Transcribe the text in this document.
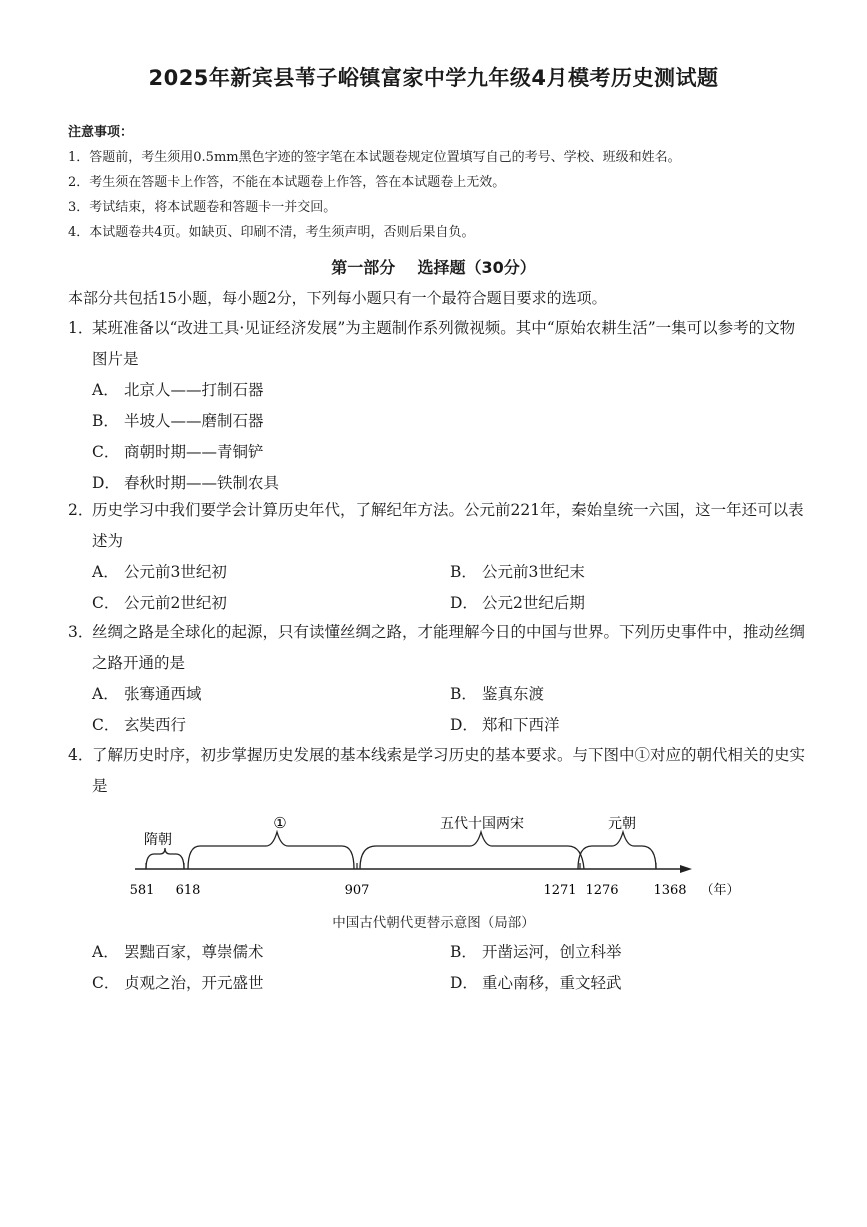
2025年新宾县苇子峪镇富家中学九年级4月模考历史测试题
注意事项：
1．答题前，考生须用0.5mm黑色字迹的签字笔在本试题卷规定位置填写自己的考号、学校、班级和姓名。
2．考生须在答题卡上作答，不能在本试题卷上作答，答在本试题卷上无效。
3．考试结束，将本试题卷和答题卡一并交回。
4．本试题卷共4页。如缺页、印刷不清，考生须声明，否则后果自负。
第一部分    选择题（30分）
本部分共包括15小题，每小题2分，下列每小题只有一个最符合题目要求的选项。
1．
某班准备以“改进工具·见证经济发展”为主题制作系列微视频。其中“原始农耕生活”一集可以参考的文物图片是
A． 北京人——打制石器
B． 半坡人——磨制石器
C． 商朝时期——青铜铲
D． 春秋时期——铁制农具
2．
历史学习中我们要学会计算历史年代，了解纪年方法。公元前221年，秦始皇统一六国，这一年还可以表述为
A． 公元前3世纪初	B． 公元前3世纪末
C． 公元前2世纪初	D． 公元2世纪后期
3．
丝绸之路是全球化的起源，只有读懂丝绸之路，才能理解今日的中国与世界。下列历史事件中，推动丝绸之路开通的是
A． 张骞通西域	B． 鉴真东渡
C． 玄奘西行	D． 郑和下西洋
4．
了解历史时序，初步掌握历史发展的基本线索是学习历史的基本要求。与下图中①对应的朝代相关的史实是
隋朝
①	五代十国两宋	元朝
581 618	907	1271 1276	1368 （年）
中国古代朝代更替示意图（局部）
A． 罢黜百家，尊崇儒术	B． 开凿运河，创立科举
C． 贞观之治，开元盛世	D． 重心南移，重文轻武
